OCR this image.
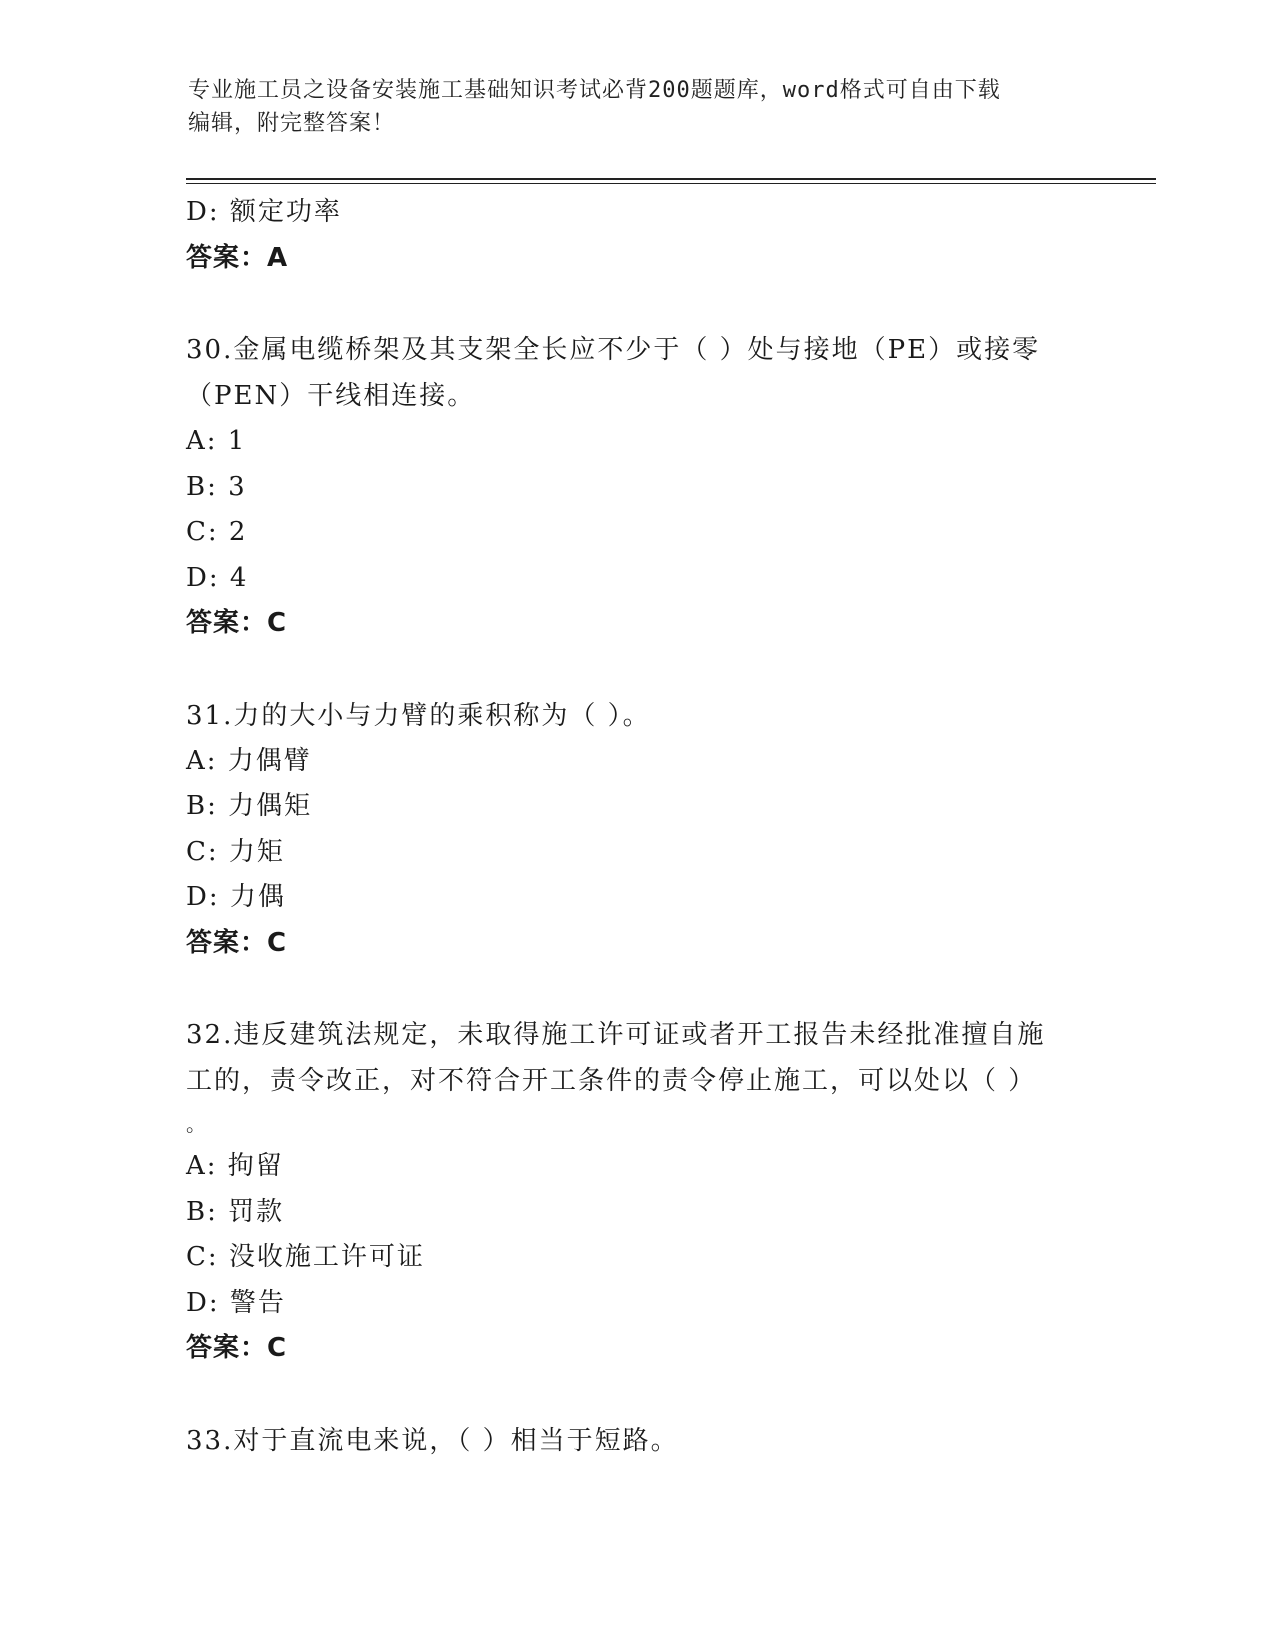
专业施工员之设备安装施工基础知识考试必背200题题库，word格式可自由下载
编辑，附完整答案！
D: 额定功率
答案：A
30.金属电缆桥架及其支架全长应不少于（ ）处与接地（PE）或接零
（PEN）干线相连接。
A: 1
B: 3
C: 2
D: 4
答案：C
31.力的大小与力臂的乘积称为（ ）。
A: 力偶臂
B: 力偶矩
C: 力矩
D: 力偶
答案：C
32.违反建筑法规定，未取得施工许可证或者开工报告未经批准擅自施
工的，责令改正，对不符合开工条件的责令停止施工，可以处以（ ）
。
A: 拘留
B: 罚款
C: 没收施工许可证
D: 警告
答案：C
33.对于直流电来说，（ ）相当于短路。
